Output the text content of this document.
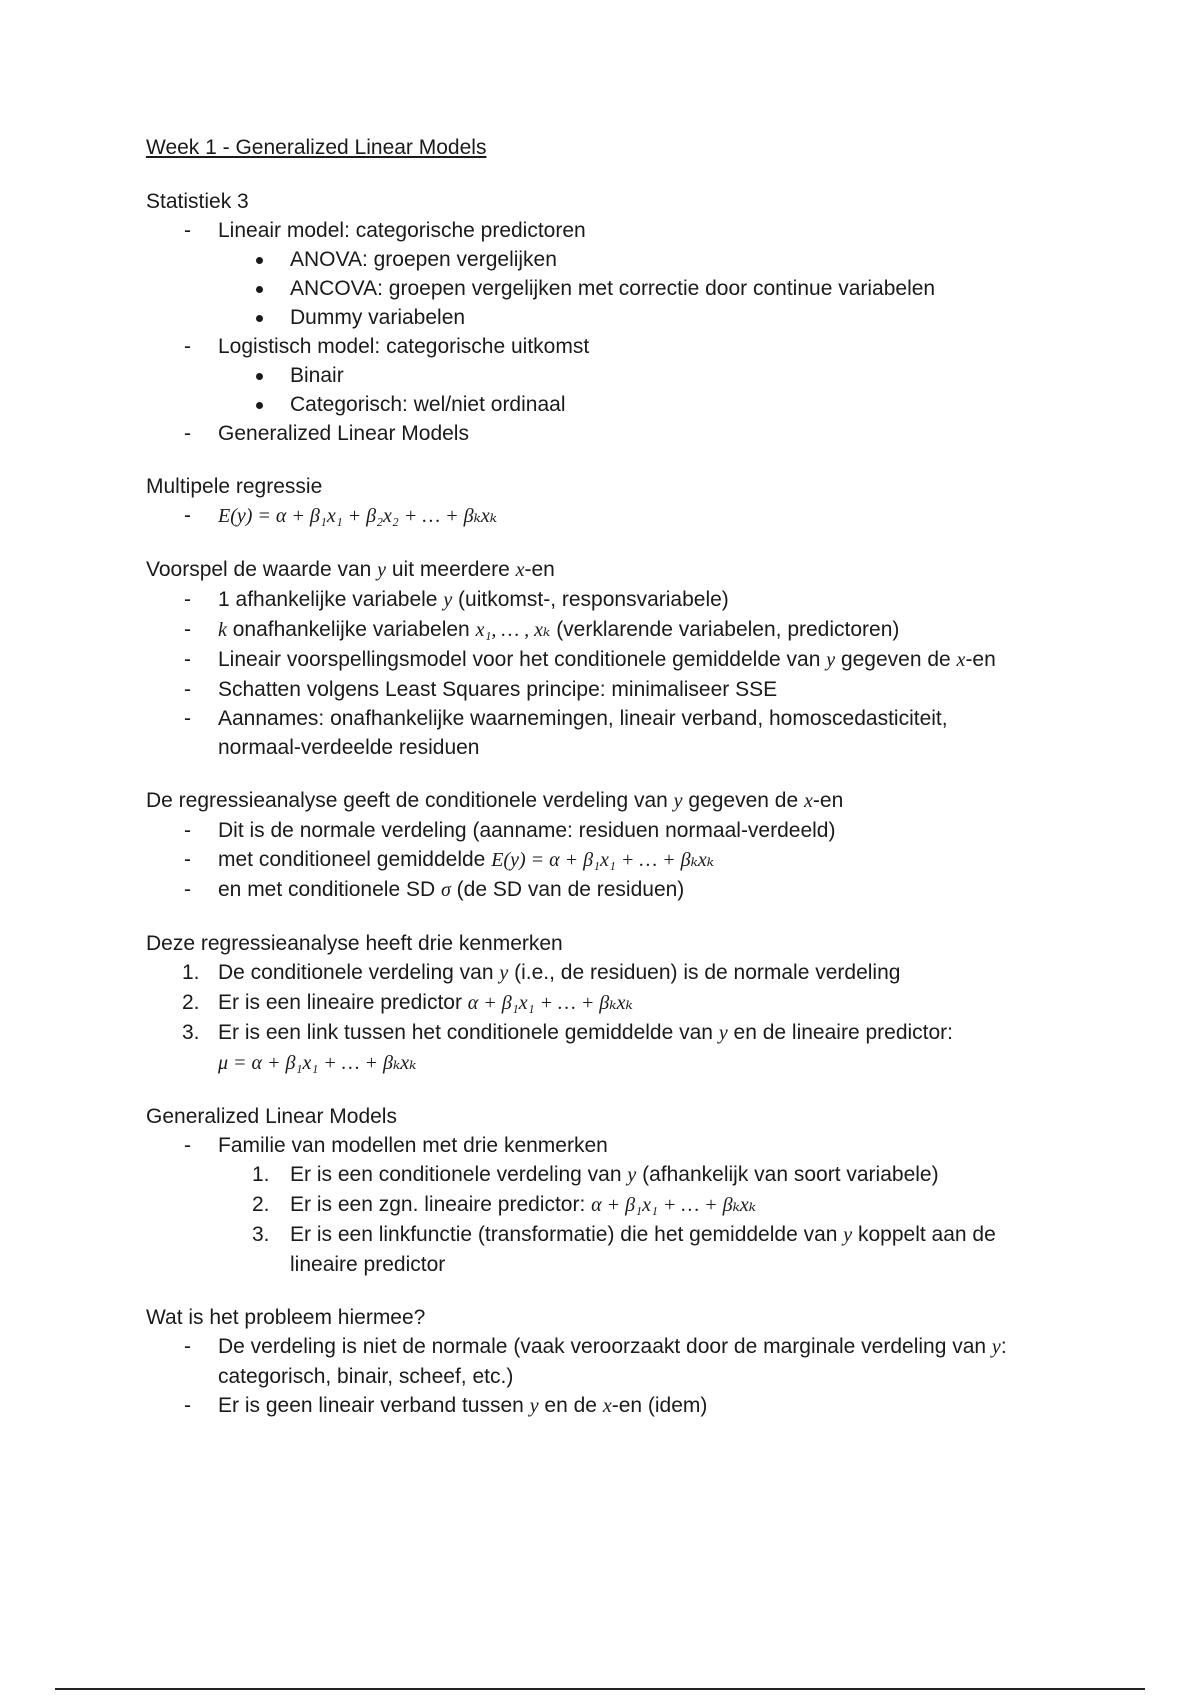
Week 1 - Generalized Linear Models
Statistiek 3
- Lineair model: categorische predictoren
ANOVA: groepen vergelijken
ANCOVA: groepen vergelijken met correctie door continue variabelen
Dummy variabelen
- Logistisch model: categorische uitkomst
Binair
Categorisch: wel/niet ordinaal
- Generalized Linear Models
Multipele regressie
- E(y) = α + β₁x₁ + β₂x₂ + … + βₖxₖ
Voorspel de waarde van y uit meerdere x-en
- 1 afhankelijke variabele y (uitkomst-, responsvariabele)
- k onafhankelijke variabelen x₁, … , xₖ (verklarende variabelen, predictoren)
- Lineair voorspellingsmodel voor het conditionele gemiddelde van y gegeven de x-en
- Schatten volgens Least Squares principe: minimaliseer SSE
- Aannames: onafhankelijke waarnemingen, lineair verband, homoscedasticiteit, normaal-verdeelde residuen
De regressieanalyse geeft de conditionele verdeling van y gegeven de x-en
- Dit is de normale verdeling (aanname: residuen normaal-verdeeld)
- met conditioneel gemiddelde E(y) = α + β₁x₁ + … + βₖxₖ
- en met conditionele SD σ (de SD van de residuen)
Deze regressieanalyse heeft drie kenmerken
1. De conditionele verdeling van y (i.e., de residuen) is de normale verdeling
2. Er is een lineaire predictor α + β₁x₁ + … + βₖxₖ
3. Er is een link tussen het conditionele gemiddelde van y en de lineaire predictor:
μ = α + β₁x₁ + … + βₖxₖ
Generalized Linear Models
- Familie van modellen met drie kenmerken
1. Er is een conditionele verdeling van y (afhankelijk van soort variabele)
2. Er is een zgn. lineaire predictor: α + β₁x₁ + … + βₖxₖ
3. Er is een linkfunctie (transformatie) die het gemiddelde van y koppelt aan de lineaire predictor
Wat is het probleem hiermee?
- De verdeling is niet de normale (vaak veroorzaakt door de marginale verdeling van y: categorisch, binair, scheef, etc.)
- Er is geen lineair verband tussen y en de x-en (idem)
